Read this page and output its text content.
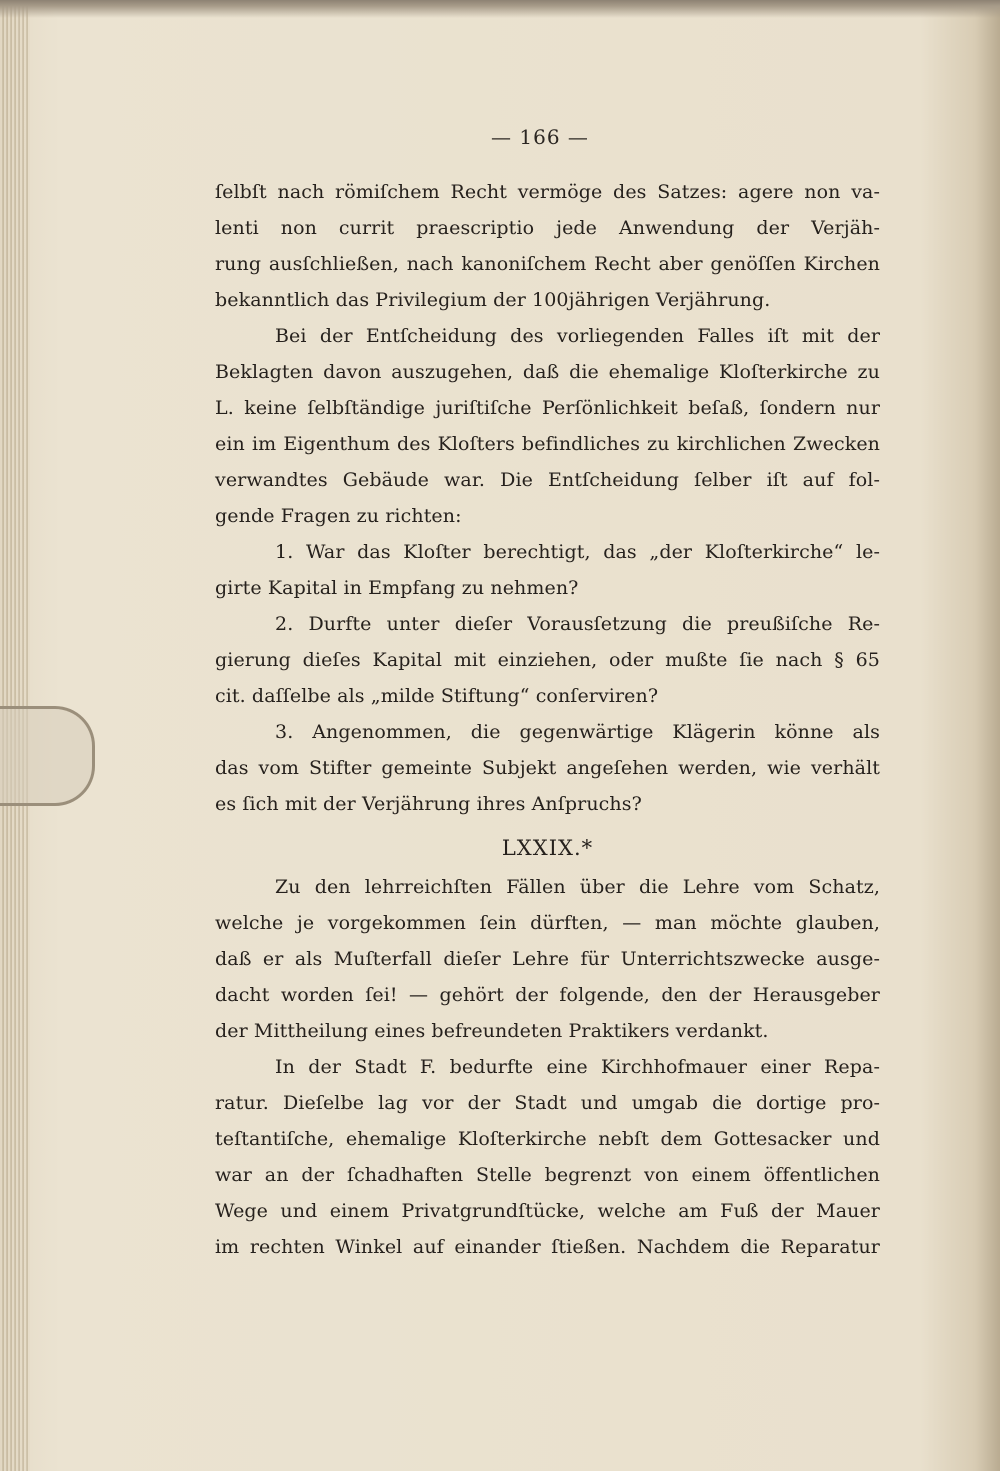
— 166 —
ſelbſt nach römiſchem Recht vermöge des Satzes: agere non va-
lenti non currit praescriptio jede Anwendung der Verjäh-
rung ausſchließen, nach kanoniſchem Recht aber genöſſen Kirchen
bekanntlich das Privilegium der 100jährigen Verjährung.
Bei der Entſcheidung des vorliegenden Falles iſt mit der
Beklagten davon auszugehen, daß die ehemalige Kloſterkirche zu
L. keine ſelbſtändige juriſtiſche Perſönlichkeit beſaß, ſondern nur
ein im Eigenthum des Kloſters befindliches zu kirchlichen Zwecken
verwandtes Gebäude war. Die Entſcheidung ſelber iſt auf fol-
gende Fragen zu richten:
1. War das Kloſter berechtigt, das „der Kloſterkirche“ le-
girte Kapital in Empfang zu nehmen?
2. Durfte unter dieſer Vorausſetzung die preußiſche Re-
gierung dieſes Kapital mit einziehen, oder mußte ſie nach § 65
cit. daſſelbe als „milde Stiftung“ conſerviren?
3. Angenommen, die gegenwärtige Klägerin könne als
das vom Stifter gemeinte Subjekt angeſehen werden, wie verhält
es ſich mit der Verjährung ihres Anſpruchs?
LXXIX.*
Zu den lehrreichſten Fällen über die Lehre vom Schatz,
welche je vorgekommen ſein dürften, — man möchte glauben,
daß er als Muſterfall dieſer Lehre für Unterrichtszwecke ausge-
dacht worden ſei! — gehört der folgende, den der Herausgeber
der Mittheilung eines befreundeten Praktikers verdankt.
In der Stadt F. bedurfte eine Kirchhofmauer einer Repa-
ratur. Dieſelbe lag vor der Stadt und umgab die dortige pro-
teſtantiſche, ehemalige Kloſterkirche nebſt dem Gottesacker und
war an der ſchadhaften Stelle begrenzt von einem öffentlichen
Wege und einem Privatgrundſtücke, welche am Fuß der Mauer
im rechten Winkel auf einander ſtießen. Nachdem die Reparatur
